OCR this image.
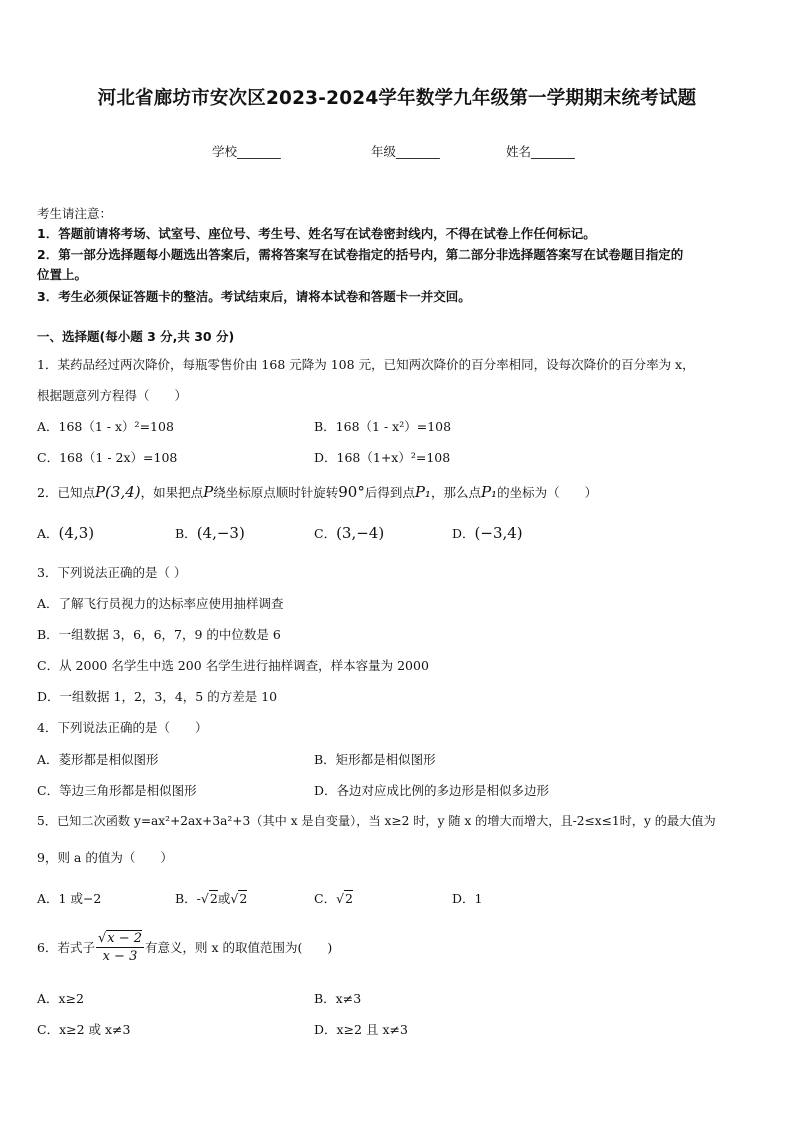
河北省廊坊市安次区2023-2024学年数学九年级第一学期期末统考试题
学校_______	年级_______	姓名_______
考生请注意：
1．答题前请将考场、试室号、座位号、考生号、姓名写在试卷密封线内，不得在试卷上作任何标记。
2．第一部分选择题每小题选出答案后，需将答案写在试卷指定的括号内，第二部分非选择题答案写在试卷题目指定的
位置上。
3．考生必须保证答题卡的整洁。考试结束后，请将本试卷和答题卡一并交回。
一、选择题(每小题 3 分,共 30 分)
1．某药品经过两次降价，每瓶零售价由 168 元降为 108 元，已知两次降价的百分率相同，设每次降价的百分率为 x，
根据题意列方程得（　　）
A．168（1 - x）²=108	B．168（1 - x²）=108
C．168（1 - 2x）=108	D．168（1+x）²=108
2．已知点P(3,4)，如果把点P绕坐标原点顺时针旋转90°后得到点P₁，那么点P₁的坐标为（　　）
A．(4,3)	B．(4,−3)	C．(3,−4)	D．(−3,4)
3．下列说法正确的是（ ）
A．了解飞行员视力的达标率应使用抽样调查
B．一组数据 3，6，6，7，9 的中位数是 6
C．从 2000 名学生中选 200 名学生进行抽样调查，样本容量为 2000
D．一组数据 1，2，3，4，5 的方差是 10
4．下列说法正确的是（　　）
A．菱形都是相似图形	B．矩形都是相似图形
C．等边三角形都是相似图形	D．各边对应成比例的多边形是相似多边形
5．已知二次函数 y=ax²+2ax+3a²+3（其中 x 是自变量），当 x≥2 时，y 随 x 的增大而增大，且-2≤x≤1时，y 的最大值为
9，则 a 的值为（　　）
A．1 或−2	B．-√2或√2	C．√2	D．1
6．若式子 $\frac{√x - 2}{x - 3}$ 有意义，则 x 的取值范围为(　　)
A．x≥2	B．x≠3
C．x≥2 或 x≠3	D．x≥2 且 x≠3
